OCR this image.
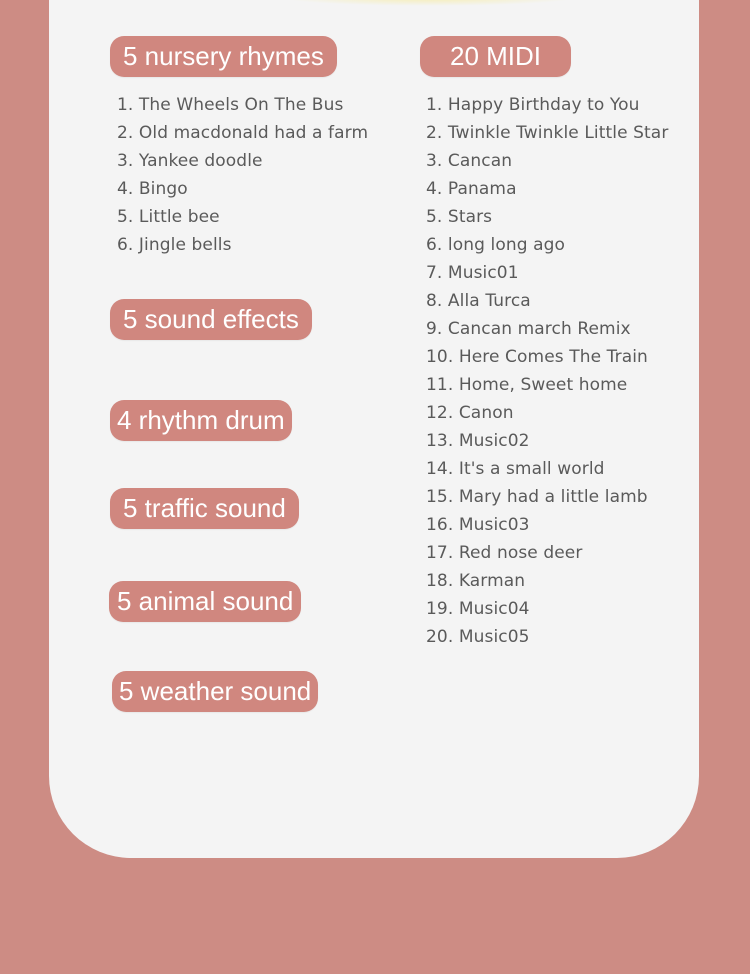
5 nursery rhymes	20 MIDI
1. The Wheels On The Bus
2. Old macdonald had a farm
3. Yankee doodle
4. Bingo
5. Little bee
6. Jingle bells
1. Happy Birthday to You
2. Twinkle Twinkle Little Star
3. Cancan
4. Panama
5. Stars
6. long long ago
7. Music01
8. Alla Turca
9. Cancan march Remix
10. Here Comes The Train
11. Home, Sweet home
12. Canon
13. Music02
14. It's a small world
15. Mary had a little lamb
16. Music03
17. Red nose deer
18. Karman
19. Music04
20. Music05
5 sound effects
4 rhythm drum
5 traffic sound
5 animal sound
5 weather sound
